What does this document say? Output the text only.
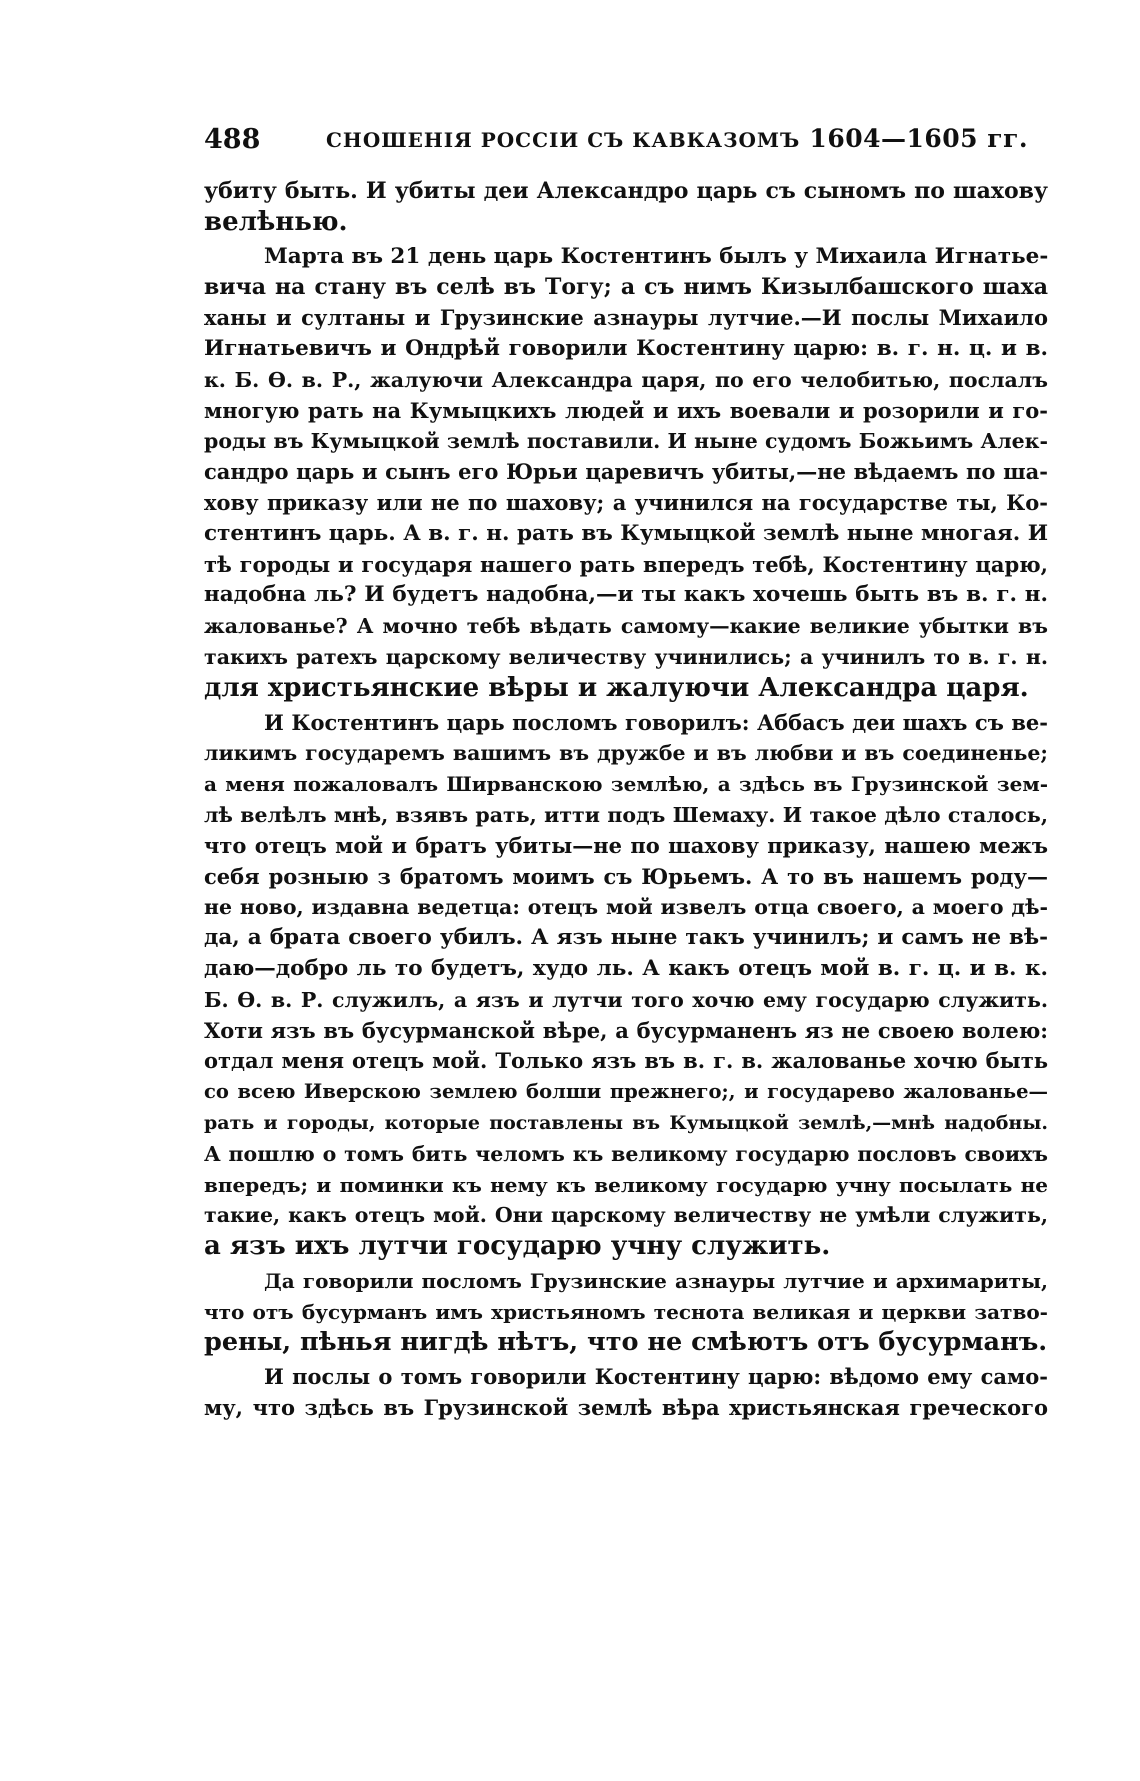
488	СНОШЕНІЯ РОССІИ СЪ КАВКАЗОМЪ 1604—1605 гг.
убиту быть. И убиты деи Александро царь съ сыномъ по шахову
велѣнью.
Марта въ 21 день царь Костентинъ былъ у Михаила Игнатье-
вича на стану въ селѣ въ Тогу; а съ нимъ Кизылбашского шаха
ханы и султаны и Грузинские азнауры лутчие.—И послы Михаило
Игнатьевичъ и Ондрѣй говорили Костентину царю: в. г. н. ц. и в.
к. Б. Ѳ. в. Р., жалуючи Александра царя, по его челобитью, послалъ
многую рать на Кумыцкихъ людей и ихъ воевали и розорили и го-
роды въ Кумыцкой землѣ поставили. И ныне судомъ Божьимъ Алек-
сандро царь и сынъ его Юрьи царевичъ убиты,—не вѣдаемъ по ша-
хову приказу или не по шахову; а учинился на государстве ты, Ко-
стентинъ царь. А в. г. н. рать въ Кумыцкой землѣ ныне многая. И
тѣ городы и государя нашего рать впередъ тебѣ, Костентину царю,
надобна ль? И будетъ надобна,—и ты какъ хочешь быть въ в. г. н.
жалованье? А мочно тебѣ вѣдать самому—какие великие убытки въ
такихъ ратехъ царскому величеству учинились; а учинилъ то в. г. н.
для христьянские вѣры и жалуючи Александра царя.
И Костентинъ царь посломъ говорилъ: Аббасъ деи шахъ съ ве-
ликимъ государемъ вашимъ въ дружбе и въ любви и въ соединенье;
а меня пожаловалъ Ширванскою землѣю, а здѣсь въ Грузинской зем-
лѣ велѣлъ мнѣ, взявъ рать, итти подъ Шемаху. И такое дѣло сталось,
что отецъ мой и братъ убиты—не по шахову приказу, нашею межъ
себя розныю з братомъ моимъ съ Юрьемъ. А то въ нашемъ роду—
не ново, издавна ведетца: отецъ мой извелъ отца своего, а моего дѣ-
да, а брата своего убилъ. А язъ ныне такъ учинилъ; и самъ не вѣ-
даю—добро ль то будетъ, худо ль. А какъ отецъ мой в. г. ц. и в. к.
Б. Ѳ. в. Р. служилъ, а язъ и лутчи того хочю ему государю служить.
Хоти язъ въ бусурманской вѣре, а бусурманенъ яз не своею волею:
отдал меня отецъ мой. Только язъ въ в. г. в. жалованье хочю быть
со всею Иверскою землею болши прежнего;, и государево жалованье—
рать и городы, которые поставлены въ Кумыцкой землѣ,—мнѣ надобны.
А пошлю о томъ бить челомъ къ великому государю пословъ своихъ
впередъ; и поминки къ нему къ великому государю учну посылать не
такие, какъ отецъ мой. Они царскому величеству не умѣли служить,
а язъ ихъ лутчи государю учну служить.
Да говорили посломъ Грузинские азнауры лутчие и архимариты,
что отъ бусурманъ имъ христьяномъ теснота великая и церкви затво-
рены, пѣнья нигдѣ нѣтъ, что не смѣютъ отъ бусурманъ.
И послы о томъ говорили Костентину царю: вѣдомо ему само-
му, что здѣсь въ Грузинской землѣ вѣра христьянская греческого
